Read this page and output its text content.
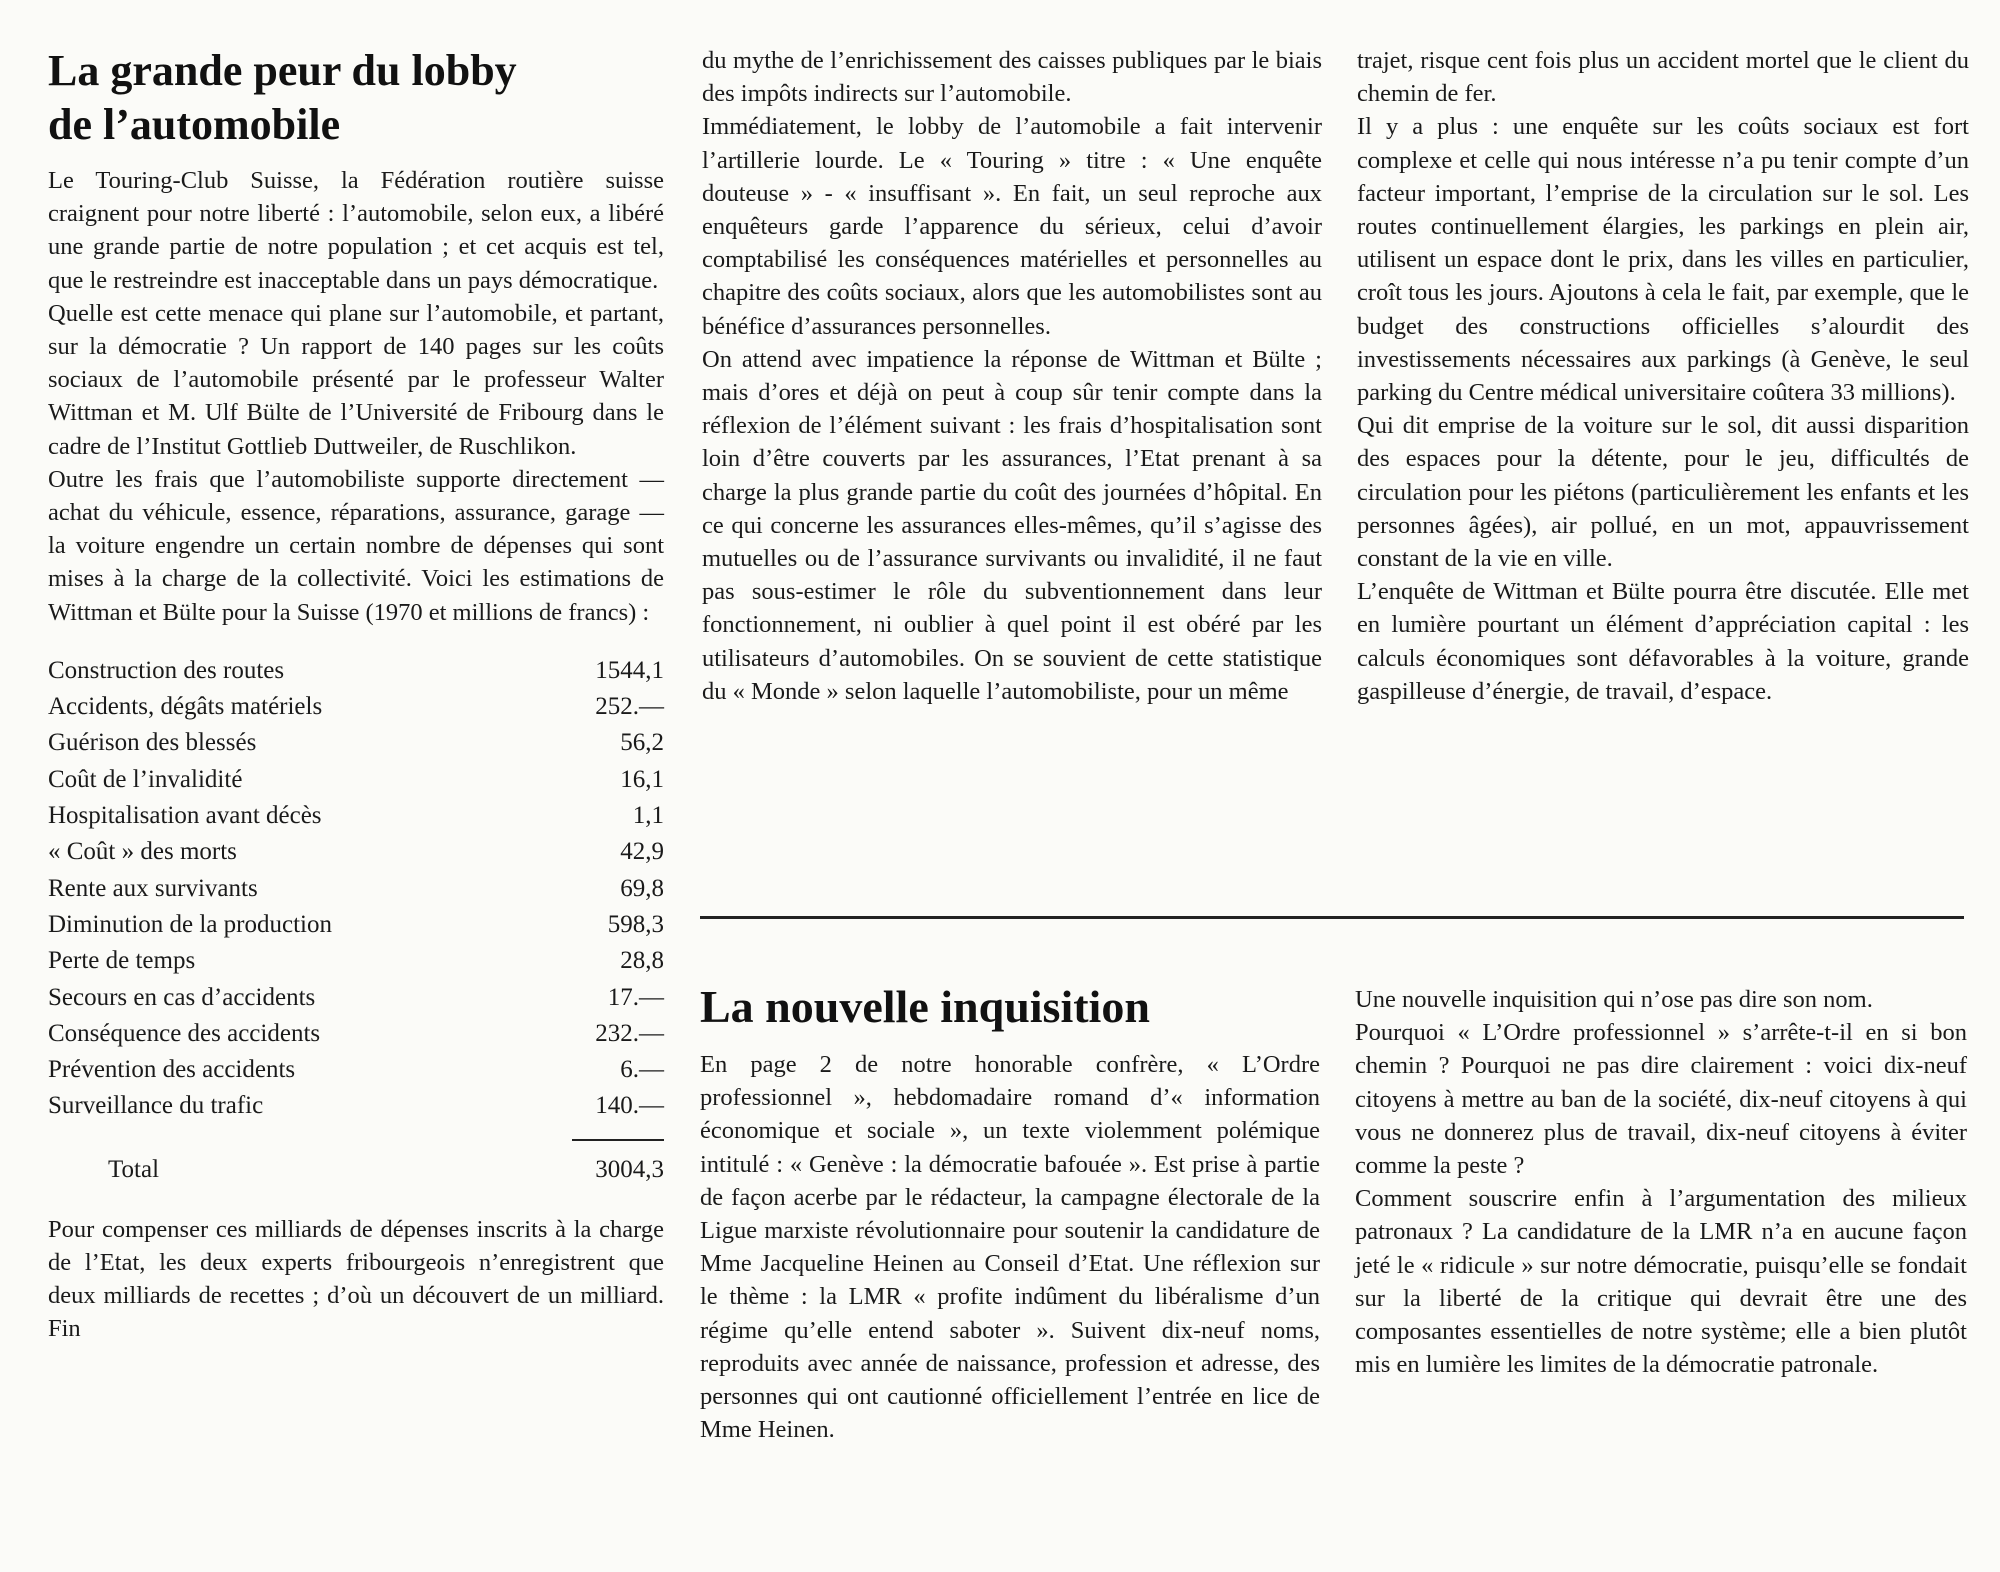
La grande peur du lobby
de l’automobile

Le Touring-Club Suisse, la Fédération routière suisse craignent pour notre liberté : l’automobile, selon eux, a libéré une grande partie de notre population ; et cet acquis est tel, que le restreindre est inacceptable dans un pays démocratique.

Quelle est cette menace qui plane sur l’automobile, et partant, sur la démocratie ? Un rapport de 140 pages sur les coûts sociaux de l’automobile présenté par le professeur Walter Wittman et M. Ulf Bülte de l’Université de Fribourg dans le cadre de l’Institut Gottlieb Duttweiler, de Ruschlikon.

Outre les frais que l’automobiliste supporte directement — achat du véhicule, essence, réparations, assurance, garage — la voiture engendre un certain nombre de dépenses qui sont mises à la charge de la collectivité. Voici les estimations de Wittman et Bülte pour la Suisse (1970 et millions de francs) :

Construction des routes	1544,1
Accidents, dégâts matériels	252.—
Guérison des blessés	56,2
Coût de l’invalidité	16,1
Hospitalisation avant décès	1,1
« Coût » des morts	42,9
Rente aux survivants	69,8
Diminution de la production	598,3
Perte de temps	28,8
Secours en cas d’accidents	17.—
Conséquence des accidents	232.—
Prévention des accidents	6.—
Surveillance du trafic	140.—
Total	3004,3

Pour compenser ces milliards de dépenses inscrits à la charge de l’Etat, les deux experts fribourgeois n’enregistrent que deux milliards de recettes ; d’où un découvert de un milliard. Fin

du mythe de l’enrichissement des caisses publiques par le biais des impôts indirects sur l’automobile.

Immédiatement, le lobby de l’automobile a fait intervenir l’artillerie lourde. Le « Touring » titre : « Une enquête douteuse » - « insuffisant ». En fait, un seul reproche aux enquêteurs garde l’apparence du sérieux, celui d’avoir comptabilisé les conséquences matérielles et personnelles au chapitre des coûts sociaux, alors que les automobilistes sont au bénéfice d’assurances personnelles.

On attend avec impatience la réponse de Wittman et Bülte ; mais d’ores et déjà on peut à coup sûr tenir compte dans la réflexion de l’élément suivant : les frais d’hospitalisation sont loin d’être couverts par les assurances, l’Etat prenant à sa charge la plus grande partie du coût des journées d’hôpital. En ce qui concerne les assurances elles-mêmes, qu’il s’agisse des mutuelles ou de l’assurance survivants ou invalidité, il ne faut pas sous-estimer le rôle du subventionnement dans leur fonctionnement, ni oublier à quel point il est obéré par les utilisateurs d’automobiles. On se souvient de cette statistique du « Monde » selon laquelle l’automobiliste, pour un même

trajet, risque cent fois plus un accident mortel que le client du chemin de fer.

Il y a plus : une enquête sur les coûts sociaux est fort complexe et celle qui nous intéresse n’a pu tenir compte d’un facteur important, l’emprise de la circulation sur le sol. Les routes continuellement élargies, les parkings en plein air, utilisent un espace dont le prix, dans les villes en particulier, croît tous les jours. Ajoutons à cela le fait, par exemple, que le budget des constructions officielles s’alourdit des investissements nécessaires aux parkings (à Genève, le seul parking du Centre médical universitaire coûtera 33 millions).

Qui dit emprise de la voiture sur le sol, dit aussi disparition des espaces pour la détente, pour le jeu, difficultés de circulation pour les piétons (particulièrement les enfants et les personnes âgées), air pollué, en un mot, appauvrissement constant de la vie en ville.

L’enquête de Wittman et Bülte pourra être discutée. Elle met en lumière pourtant un élément d’appréciation capital : les calculs économiques sont défavorables à la voiture, grande gaspilleuse d’énergie, de travail, d’espace.

La nouvelle inquisition

En page 2 de notre honorable confrère, « L’Ordre professionnel », hebdomadaire romand d’« information économique et sociale », un texte violemment polémique intitulé : « Genève : la démocratie bafouée ». Est prise à partie de façon acerbe par le rédacteur, la campagne électorale de la Ligue marxiste révolutionnaire pour soutenir la candidature de Mme Jacqueline Heinen au Conseil d’Etat. Une réflexion sur le thème : la LMR « profite indûment du libéralisme d’un régime qu’elle entend saboter ». Suivent dix-neuf noms, reproduits avec année de naissance, profession et adresse, des personnes qui ont cautionné officiellement l’entrée en lice de Mme Heinen.

Une nouvelle inquisition qui n’ose pas dire son nom.

Pourquoi « L’Ordre professionnel » s’arrête-t-il en si bon chemin ? Pourquoi ne pas dire clairement : voici dix-neuf citoyens à mettre au ban de la société, dix-neuf citoyens à qui vous ne donnerez plus de travail, dix-neuf citoyens à éviter comme la peste ?

Comment souscrire enfin à l’argumentation des milieux patronaux ? La candidature de la LMR n’a en aucune façon jeté le « ridicule » sur notre démocratie, puisqu’elle se fondait sur la liberté de la critique qui devrait être une des composantes essentielles de notre système; elle a bien plutôt mis en lumière les limites de la démocratie patronale.
